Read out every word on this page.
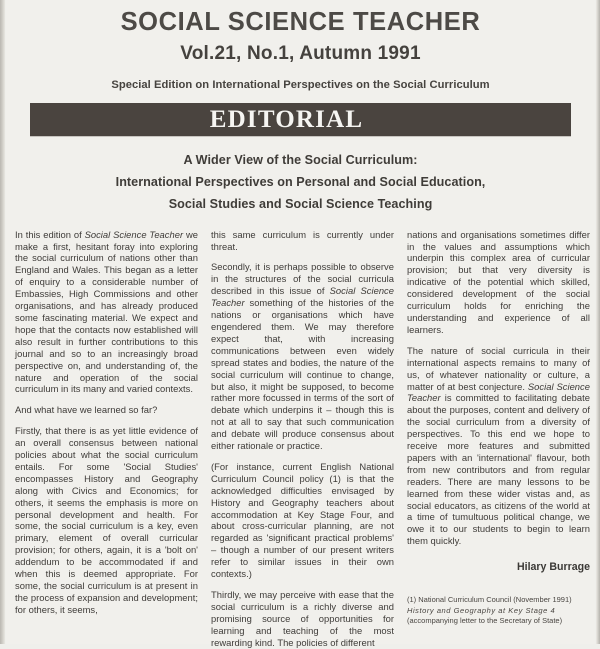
SOCIAL SCIENCE TEACHER
Vol.21, No.1, Autumn 1991
Special Edition on International Perspectives on the Social Curriculum
EDITORIAL
A Wider View of the Social Curriculum:
International Perspectives on Personal and Social Education,
Social Studies and Social Science Teaching

In this edition of Social Science Teacher we make a first, hesitant foray into exploring the social curriculum of nations other than England and Wales. This began as a letter of enquiry to a considerable number of Embassies, High Commissions and other organisations, and has already produced some fascinating material. We expect and hope that the contacts now established will also result in further contributions to this journal and so to an increasingly broad perspective on, and understanding of, the nature and operation of the social curriculum in its many and varied contexts.

And what have we learned so far?

Firstly, that there is as yet little evidence of an overall consensus between national policies about what the social curriculum entails. For some 'Social Studies' encompasses History and Geography along with Civics and Economics; for others, it seems the emphasis is more on personal development and health. For some, the social curriculum is a key, even primary, element of overall curricular provision; for others, again, it is a 'bolt on' addendum to be accommodated if and when this is deemed appropriate. For some, the social curriculum is at present in the process of expansion and development; for others, it seems,

this same curriculum is currently under threat.

Secondly, it is perhaps possible to observe in the structures of the social curricula described in this issue of Social Science Teacher something of the histories of the nations or organisations which have engendered them. We may therefore expect that, with increasing communications between even widely spread states and bodies, the nature of the social curriculum will continue to change, but also, it might be supposed, to become rather more focussed in terms of the sort of debate which underpins it – though this is not at all to say that such communication and debate will produce consensus about either rationale or practice.

(For instance, current English National Curriculum Council policy (1) is that the acknowledged difficulties envisaged by History and Geography teachers about accommodation at Key Stage Four, and about cross-curricular planning, are not regarded as 'significant practical problems' – though a number of our present writers refer to similar issues in their own contexts.)

Thirdly, we may perceive with ease that the social curriculum is a richly diverse and promising source of opportunities for learning and teaching of the most rewarding kind. The policies of different

nations and organisations sometimes differ in the values and assumptions which underpin this complex area of curricular provision; but that very diversity is indicative of the potential which skilled, considered development of the social curriculum holds for enriching the understanding and experience of all learners.

The nature of social curricula in their international aspects remains to many of us, of whatever nationality or culture, a matter of at best conjecture. Social Science Teacher is committed to facilitating debate about the purposes, content and delivery of the social curriculum from a diversity of perspectives. To this end we hope to receive more features and submitted papers with an 'international' flavour, both from new contributors and from regular readers. There are many lessons to be learned from these wider vistas and, as social educators, as citizens of the world at a time of tumultuous political change, we owe it to our students to begin to learn them quickly.

Hilary Burrage
(1) National Curriculum Council (November 1991)
History and Geography at Key Stage 4
(accompanying letter to the Secretary of State)
